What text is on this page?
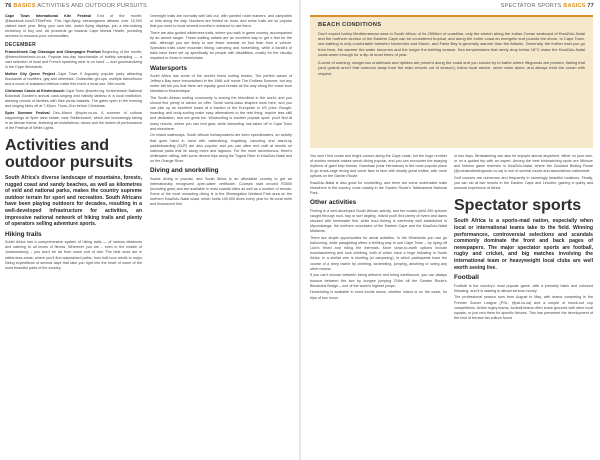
76 BASICS ACTIVITIES AND OUTDOOR PURSUITS

Cape Town International Kite Festival End of the month; @facebook.com/CTKiteFest. This high-flying extravaganza attracts over 15,000 visitors each year. Bring your own kite, watch flying displays, join a kite-making workshop or buy one. All proceeds go towards Cape Mental Health, providing services to resource-poor communities.

DECEMBER

Franschhoek Cap Classique and Champagne Festival Beginning of the month; @franschhoekmcc.co.za. Popular two-day bacchanalia of bubbly sampling — a vast selection of local and French sparkling wine is on hand — and gourmandizing in the Cape Winelands.

Mother City Queer Project Cape Town 9 Arguably popular party attracting thousands of revellers, gay and otherwise. Outlandish get-ups, multiple dancefloors and a mood of sustained delirium make this event a must-see. Mid-month.

Christmas Carols at Kirstenbosch Cape Town @sanbi.org. Kirstenbosch National Botanical Garden's annual carol-singing and nativity tableau is a local institution, drawing crowds of families with their picnic baskets. The gates open in the evening and singing kicks off at 7.45pm. Thurs–Sun before Christmas.

Spier Summer Festival Dec–March @spier.co.za. A summer of cultural happenings at Spier wine estate, near Stellenbosch, which are increasingly taking in an African theme, featuring art installations, dance and the lantern-lit performance of the Festival of White Lights.

Activities and outdoor pursuits

South Africa's diverse landscape of mountains, forests, rugged coast and sandy beaches, as well as kilometres of veld and national parks, makes the country supreme outdoor terrain for sport and recreation. South Africans have been playing outdoors for decades, resulting in a well-developed infrastructure for activities, an impressive national network of hiking trails and plenty of operators selling adventure sports.

Hiking trails

South Africa has a comprehensive system of hiking trails — of various distances and catering to all levels of fitness. Wherever you are – even in the middle of Johannesburg – you won't be far from some sort of trail. The best ones are in wilderness areas, where you'll find waymarked paths, from half-hour strolls to major hiking expeditions of several days that take you right into the heart of some of the most beautiful parts of the country.

Overnight trails are normally well laid out, with painted route markers, and campsites or huts along the way. Numbers are limited on most, and some trails are so popular that you need to book several months in advance to use them.

There are also guided wilderness trails, where you walk in game country, accompanied by an armed ranger. These walking safaris are an excellent way to get a feel for the wild, although you are likely to see fewer animals on foot than from a vehicle. Specialist trails cover mountain biking, canoeing and horseriding, while a handful of trails have been set up specifically for people with disabilities, mostly for the visually impaired or those in wheelchairs.

Watersports

South Africa has some of the world's finest surfing breaks. The perfect waves of Jeffrey's Bay were immortalized in the 1966 cult movie The Endless Summer, but any surfer will tell you that there are equally good breaks all the way along the coast from Namibia to Mozambique.

The South African surfing community is among the friendliest in the world, and you should find plenty of advice on offer. Some world-class shapers work here, and you can pick up an excellent board at a fraction of the European or US price. Boogie-boarding and body-surfing make easy alternatives to the real thing, require less skill and dedication, and are great fun. Windsurfing is another popular sport: you'll find at many resorts, where you can rent gear, while kitesurfing has taken off in Cape Town and elsewhere.

On inland waterways, South African holidaymakers are keen speedboaters, an activity that goes hand in hand with waterskiing. Kayaking, canoeing and stand-up paddleboarding (SUP) are also popular, and you can often rent craft at resorts on national parks that lie along rivers and lagoons. For the more adventurous, there's whitewater rafting, with some decent trips along the Tugela River in KwaZulu-Natal and on the Orange River.

Diving and snorkelling

Scuba diving is popular, and South Africa is an affordable country to get an internationally recognized open-water certificate. Courses start around R3500 (including gear) and are available in most coastal cities as well as a number of resorts. Some of the most rewarding diving is in the iSimangaliso Wetland Park area on the northern KwaZulu-Natal coast, which hosts 100,000 dives every year for its coral reefs and fluorescent fish.

SPECTATOR SPORTS BASICS 77
BEACH CONDITIONS

Don't expect balmy Mediterranean seas in South Africa: of its 2500km of coastline, only the stretch along the Indian Ocean seaboard of KwaZulu-Natal and the northern section of the Eastern Cape can be considered tropical, and along the entire coast an energetic surf pounds the shore. In Cape Town, sea bathing is only comfortable between November and March, and False Bay is generally warmer than the Atlantic. Generally, the further east you go from here, the warmer the water becomes and the longer the bathing season. Sea temperatures that rarely drop below 18°C make the KwaZulu-Natal coast warm enough for a dip at most times of year.

A word of warning: dangerous undertows and riptides are present along the coast and you should try to bathe where lifeguards are present, flailing that (and guards aren't that common away from the main resorts out of season), follow local advice, never swim alone, and always treat the ocean with respect.

You won't find corals and bright colours along the Cape coast, but the huge number of sunken vessels makes wreck diving popular, and you can encounter the swaying rhythms of giant kelp forests. Gansbaai (near Hermanus) is the most popular place to go shark-cage diving and come face to face with deadly great whites, with more options on the Garden Route.

KwaZulu-Natal is also good for snorkelling, and there are some underwater trails elsewhere in the country, most notably in the Garden Route's Tsitsikamma National Park.

Other activities

Fishing is a well-developed South African activity, and the coasts yield 250 species caught through rock, bay or surf angling. Inland you'll find plenty of rivers and dams stocked with freshwater fish, while trout fishing is extremely well established in Mpumalanga, the northern mountains of the Eastern Cape and the KwaZulu-Natal Midlands.

There are ample opportunities for aerial activities. In the Winelands you can go ballooning, while paragliding offers a thrilling way to see Cape Town – by dying off Lion's Head and riding the thermals. More down-to-earth options include mountaineering and rock climbing, both of which have a huge following in South Africa. In a similar vein is kloofing (or canyoning), in which participants trace the course of a deep ravine by climbing, scrambling, jumping, abseiling or swing any other means.

If you can't choose between being airborne and being earthbound, you can always bounce between the two by bungee jumping 216m off the Garden Route's Bloukrans Bridge – one of the world's highest jumps.

Horseriding is available in most tourist towns, whether inland or on the coast, for trips of two hours

or two days. Birdwatching can also be enjoyed almost anywhere, either on your own, or on a guided trip with an expert. Among the best birdwatching spots are Mkhuze and Ndumo game reserves in KwaZulu-Natal, where the Zululand Birding Route (@zululandbirdingroute.co.za) is one of several routes and associations nationwide.

Golf courses are numerous and frequently in stunningly beautiful locations. Finally, you can ski at two resorts in the Eastern Cape and Lesotho, gaining a quirky and unusual experience of Africa.

Spectator sports

South Africa is a sports-mad nation, especially when local or international teams take to the field. Winning performances, controversial selections and scandals commonly dominate the front and back pages of newspapers. The major spectator sports are football, rugby and cricket, and big matches involving the international team or heavyweight local clubs are well worth seeing live.

Football

Football is the country's most popular game, with a primarily black and coloured following, and it is starting to attract serious money.

The professional season runs from August to May, with teams competing in the Premier Soccer League (PSL; @psl.co.za) and a couple of knock-out cup competitions. Unlike rugby teams, football teams often share grounds with other local squads, or just rent them for specific fixtures. This has prevented the development of the kind of terrace fan culture found
